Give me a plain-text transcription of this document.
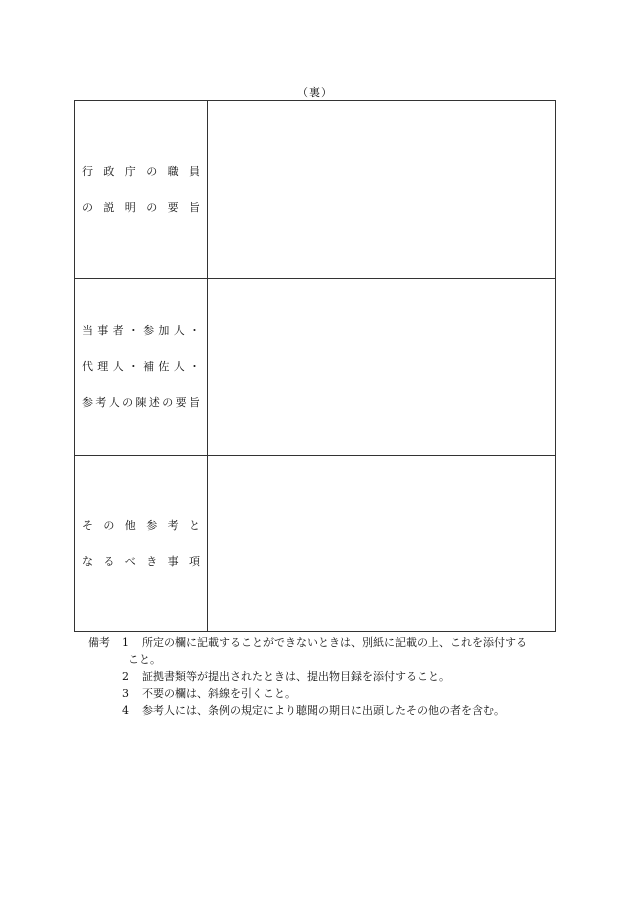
（裏）
行政庁の職員
の説明の要旨
当事者・参加人・
代理人・補佐人・
参考人の陳述の要旨
その他参考と
なるべき事項
備考 1 所定の欄に記載することができないときは、別紙に記載の上、これを添付する
こと。
2 証拠書類等が提出されたときは、提出物目録を添付すること。
3 不要の欄は、斜線を引くこと。
4 参考人には、条例の規定により聴聞の期日に出頭したその他の者を含む。
